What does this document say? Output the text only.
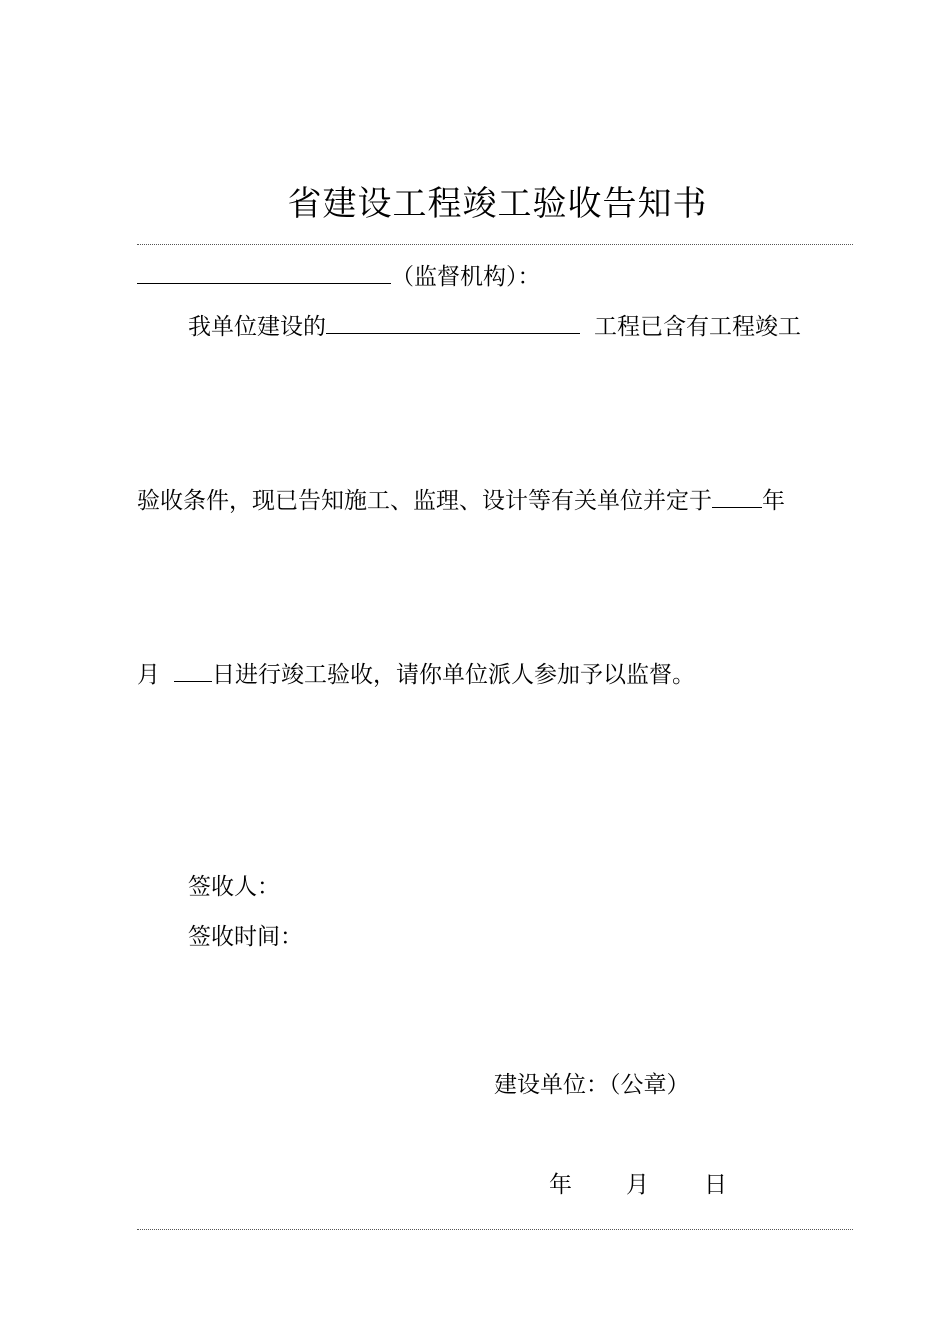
省建设工程竣工验收告知书
（监督机构）：
我单位建设的	工程已含有工程竣工
验收条件，现已告知施工、监理、设计等有关单位并定于 年
月 日进行竣工验收，请你单位派人参加予以监督。
签收人：
签收时间：
建设单位：（公章）
年 月 日
